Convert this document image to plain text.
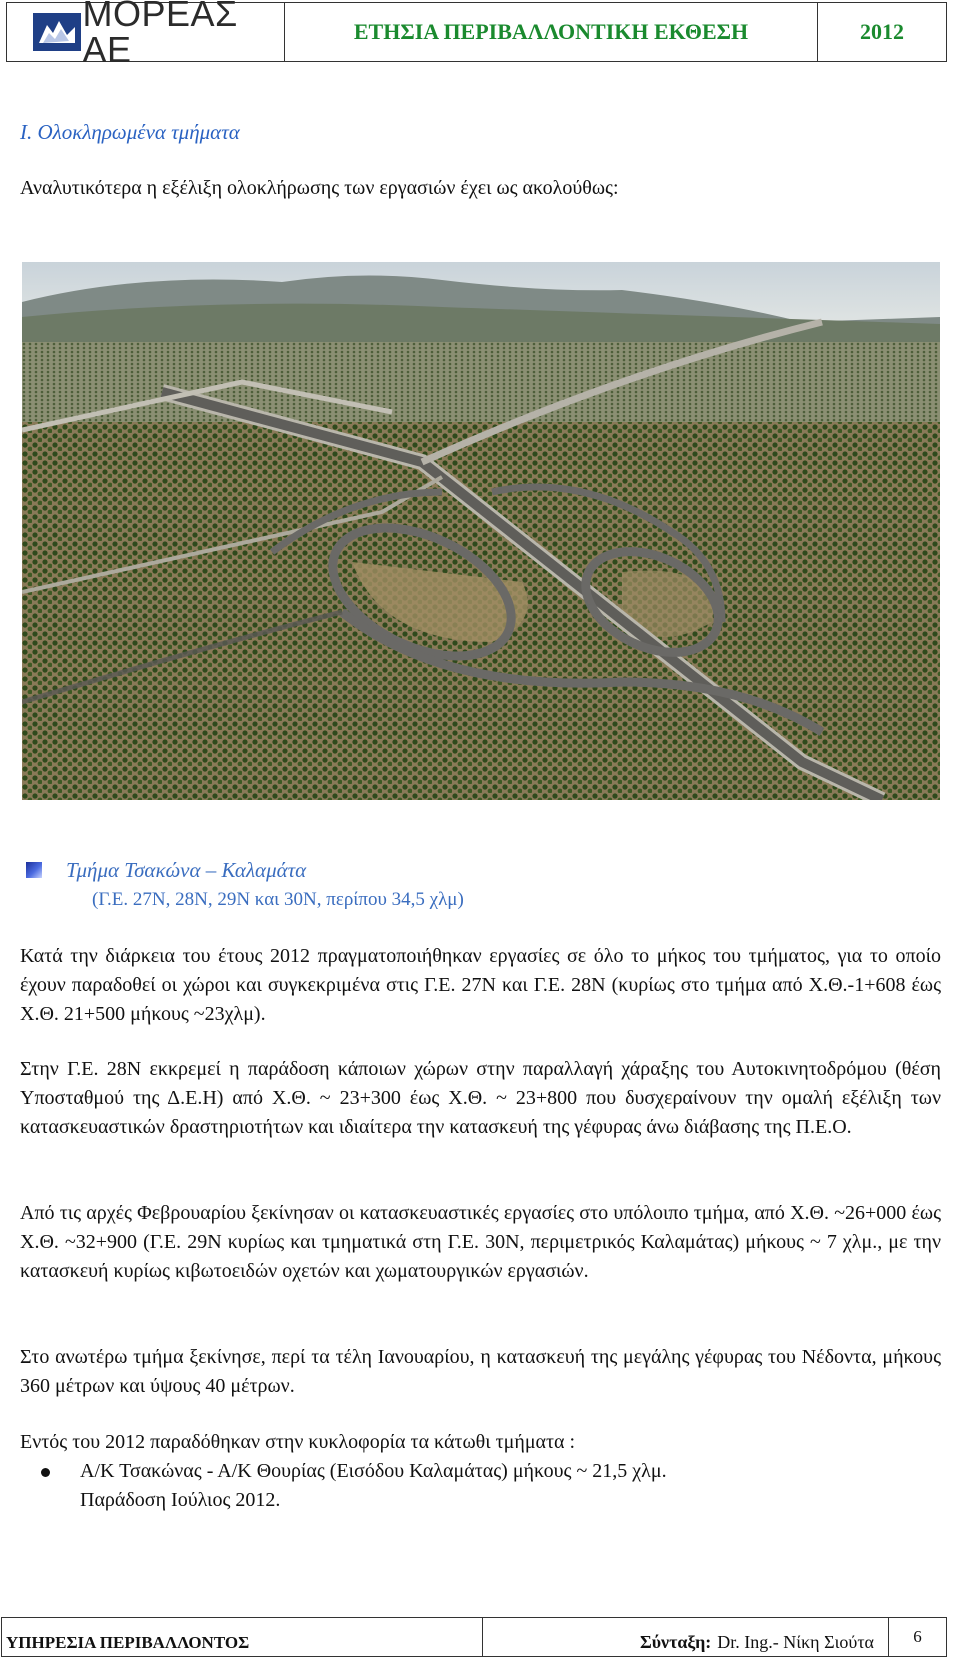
ΜΟΡΕΑΣ ΑΕ	ΕΤΗΣΙΑ ΠΕΡΙΒΑΛΛΟΝΤΙΚΗ ΕΚΘΕΣΗ	2012
I. Ολοκληρωμένα τμήματα
Αναλυτικότερα η εξέλιξη ολοκλήρωσης των εργασιών έχει ως ακολούθως:
Τμήμα Τσακώνα – Καλαμάτα
(Γ.Ε. 27Ν, 28Ν, 29Ν και 30Ν, περίπου 34,5 χλμ)
Κατά την διάρκεια του έτους 2012 πραγματοποιήθηκαν εργασίες σε όλο το μήκος του τμήματος, για το οποίο έχουν παραδοθεί οι χώροι και συγκεκριμένα στις Γ.Ε. 27Ν και Γ.Ε. 28Ν (κυρίως στο τμήμα από Χ.Θ.-1+608 έως Χ.Θ. 21+500 μήκους ~23χλμ).
Στην Γ.Ε. 28Ν εκκρεμεί η παράδοση κάποιων χώρων στην παραλλαγή χάραξης του Αυτοκινητοδρόμου (θέση Υποσταθμού της Δ.Ε.Η) από Χ.Θ. ~ 23+300 έως Χ.Θ. ~ 23+800 που δυσχεραίνουν την ομαλή εξέλιξη των κατασκευαστικών δραστηριοτήτων και ιδιαίτερα την κατασκευή της γέφυρας άνω διάβασης της Π.Ε.Ο.
Από τις αρχές Φεβρουαρίου ξεκίνησαν οι κατασκευαστικές εργασίες στο υπόλοιπο τμήμα, από Χ.Θ. ~26+000 έως Χ.Θ. ~32+900 (Γ.Ε. 29Ν κυρίως και τμηματικά στη Γ.Ε. 30Ν, περιμετρικός Καλαμάτας) μήκους ~ 7 χλμ., με την κατασκευή κυρίως κιβωτοειδών οχετών και χωματουργικών εργασιών.
Στο ανωτέρω τμήμα ξεκίνησε, περί τα τέλη Ιανουαρίου, η κατασκευή της μεγάλης γέφυρας του Νέδοντα, μήκους 360 μέτρων και ύψους 40 μέτρων.
Εντός του 2012 παραδόθηκαν στην κυκλοφορία τα κάτωθι τμήματα :
Α/Κ Τσακώνας - Α/Κ Θουρίας (Εισόδου Καλαμάτας) μήκους ~ 21,5 χλμ.
Παράδοση Ιούλιος 2012.
ΥΠΗΡΕΣΙΑ ΠΕΡΙΒΑΛΛΟΝΤΟΣ	Σύνταξη: Dr. Ing.- Νίκη Σιούτα	6
